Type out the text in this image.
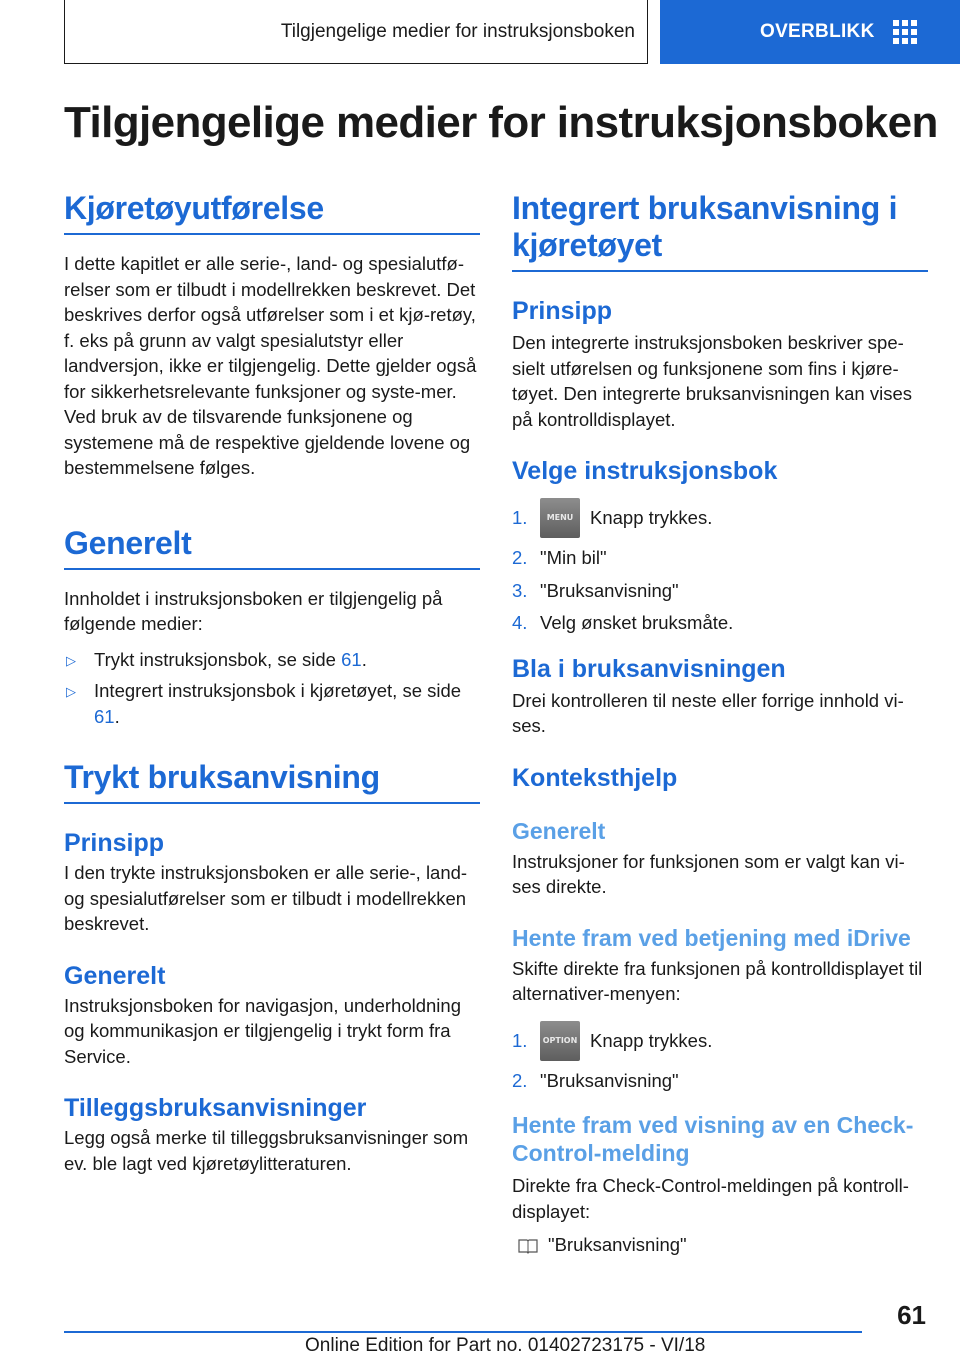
Tilgjengelige medier for instruksjonsboken	OVERBLIKK
Tilgjengelige medier for instruksjonsboken
Kjøretøyutførelse

I dette kapitlet er alle serie-, land- og spesialutfø-relser som er tilbudt i modellrekken beskrevet. Det beskrives derfor også utførelser som i et kjø-retøy, f. eks på grunn av valgt spesialutstyr eller landversjon, ikke er tilgjengelig. Dette gjelder også for sikkerhetsrelevante funksjoner og syste-mer. Ved bruk av de tilsvarende funksjonene og systemene må de respektive gjeldende lovene og bestemmelsene følges.

Generelt

Innholdet i instruksjonsboken er tilgjengelig på følgende medier:

▷ Trykt instruksjonsbok, se side 61.
▷ Integrert instruksjonsbok i kjøretøyet, se side 61.
Trykt bruksanvisning
Prinsipp

I den trykte instruksjonsboken er alle serie-, land- og spesialutførelser som er tilbudt i modellrekken beskrevet.

Generelt

Instruksjonsboken for navigasjon, underholdning og kommunikasjon er tilgjengelig i trykt form fra Service.

Tilleggsbruksanvisninger

Legg også merke til tilleggsbruksanvisninger som ev. ble lagt ved kjøretøylitteraturen.

Integrert bruksanvisning i kjøretøyet
Prinsipp

Den integrerte instruksjonsboken beskriver spe-sielt utførelsen og funksjonene som fins i kjøre-tøyet. Den integrerte bruksanvisningen kan vises på kontrolldisplayet.

Velge instruksjonsbok
1.	MENU Knapp trykkes.
2. "Min bil"
3. "Bruksanvisning"
4. Velg ønsket bruksmåte.
Bla i bruksanvisningen

Drei kontrolleren til neste eller forrige innhold vi-ses.

Konteksthjelp
Generelt

Instruksjoner for funksjonen som er valgt kan vi-ses direkte.

Hente fram ved betjening med iDrive

Skifte direkte fra funksjonen på kontrolldisplayet til alternativer-menyen:

1.	OPTION Knapp trykkes.
2. "Bruksanvisning"
Hente fram ved visning av en Check-Control-melding

Direkte fra Check-Control-meldingen på kontroll-displayet:

"Bruksanvisning"

61
Online Edition for Part no. 01402723175 - VI/18
